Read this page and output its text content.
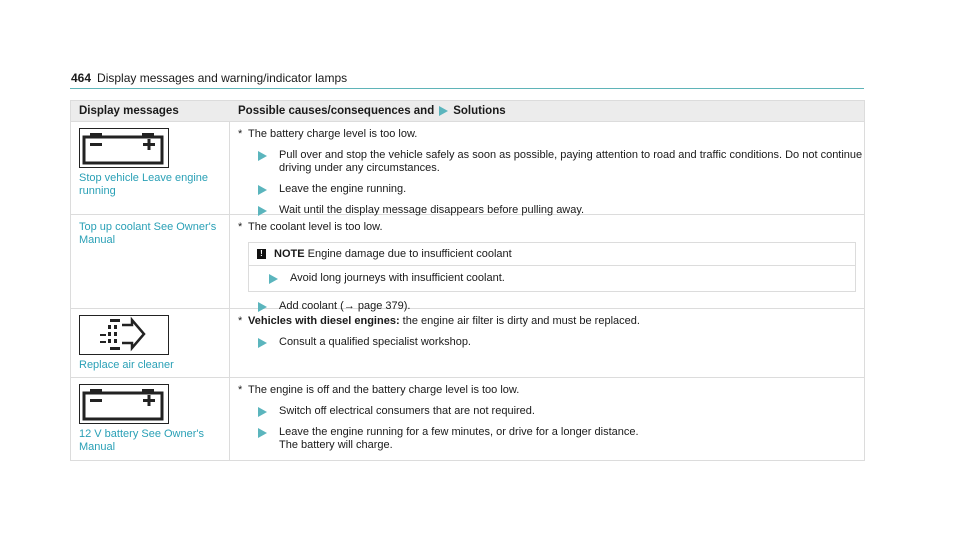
464 Display messages and warning/indicator lamps
Display messages	Possible causes/consequences and Solutions
Stop vehicle Leave engine running
* The battery charge level is too low.
Pull over and stop the vehicle safely as soon as possible, paying attention to road and traffic conditions. Do not continue driving under any circumstances.
Leave the engine running.
Wait until the display message disappears before pulling away.
Top up coolant See Owner's Manual
* The coolant level is too low.
! NOTE
Engine damage due to insufficient coolant
Avoid long journeys with insufficient coolant.
Add coolant (→ page 379).
Replace air cleaner
* Vehicles with diesel engines: the engine air filter is dirty and must be replaced.
Consult a qualified specialist workshop.
12 V battery See Owner's Manual
* The engine is off and the battery charge level is too low.
Switch off electrical consumers that are not required.
Leave the engine running for a few minutes, or drive for a longer distance.
The battery will charge.
